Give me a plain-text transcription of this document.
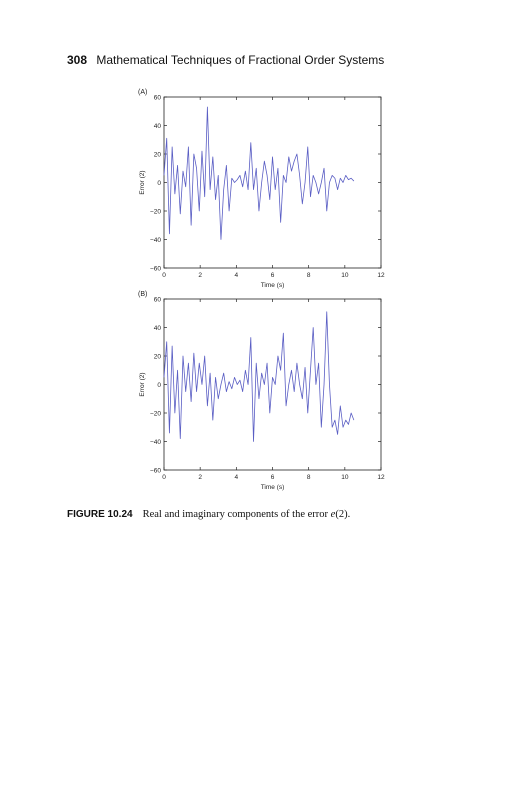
308 Mathematical Techniques of Fractional Order Systems
0	2	4	6	8	10	12
60
40
20
0
−20
−40
−60
Time (s)
Error (2)
(A)
0	2	4	6	8	10	12
60
40
20
0
−20
−40
−60
Time (s)
Error (2)
(B)
FIGURE 10.24 Real and imaginary components of the error e(2).
